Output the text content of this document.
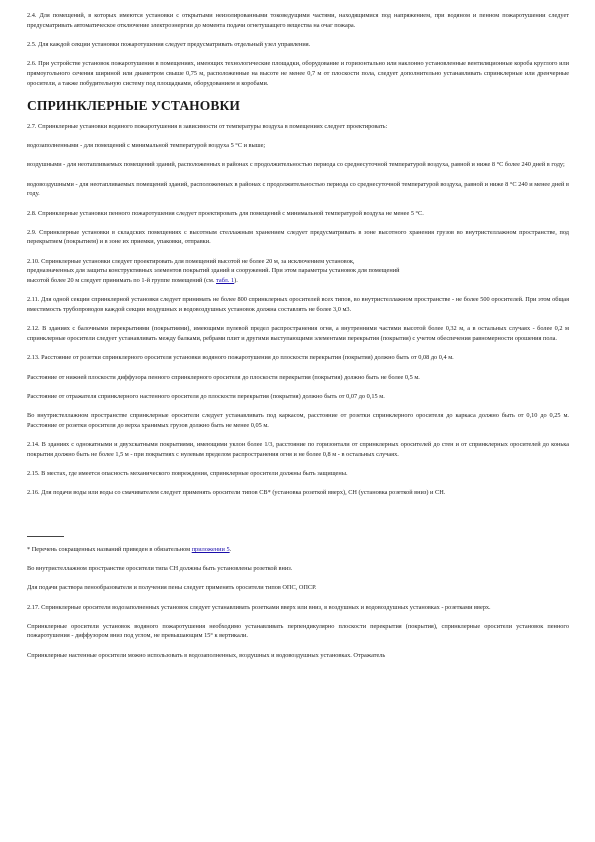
2.4. Для помещений, в которых имеются установки с открытыми неизолированными токоведущими частями, находящимися под напряжением, при водяном и пенном пожаротушении следует предусматривать автоматическое отключение электроэнергии до момента подачи огнетушащего вещества на очаг пожара.

2.5. Для каждой секции установки пожаротушения следует предусматривать отдельный узел управления.

2.6. При устройстве установок пожаротушения в помещениях, имеющих технологические площадки, оборудование и горизонтально или наклонно установленные вентиляционные короба круглого или прямоугольного сечения шириной или диаметром свыше 0,75 м, расположенные на высоте не менее 0,7 м от плоскости пола, следует дополнительно устанавливать спринклерные или дренчерные оросители, а также побудительную систему под площадками, оборудованием и коробами.

СПРИНКЛЕРНЫЕ УСТАНОВКИ

2.7. Спринклерные установки водяного пожаротушения в зависимости от температуры воздуха в помещениях следует проектировать:

водозаполненными - для помещений с минимальной температурой воздуха 5 °С и выше;

воздушными - для неотапливаемых помещений зданий, расположенных в районах с продолжительностью периода со среднесуточной температурой воздуха, равной и ниже 8 °С более 240 дней в году;

водовоздушными - для неотапливаемых помещений зданий, расположенных в районах с продолжительностью периода со среднесуточной температурой воздуха, равной и ниже 8 °С 240 и менее дней в году.

2.8. Спринклерные установки пенного пожаротушения следует проектировать для помещений с минимальной температурой воздуха не менее 5 °С.

2.9. Спринклерные установки в складских помещениях с высотным стеллажным хранением следует предусматривать в зоне высотного хранения грузов во внутристеллажном пространстве, под перекрытием (покрытием) и в зоне их приемки, упаковки, отправки.

2.10. Спринклерные установки следует проектировать для помещений высотой не более 20 м, за исключением установок,
предназначенных для защиты конструктивных элементов покрытий зданий и сооружений. При этом параметры установок для помещений
высотой более 20 м следует принимать по 1-й группе помещений (см. табл. 1).

2.11. Для одной секции спринклерной установки следует принимать не более 800 спринклерных оросителей всех типов, во внутристеллажном пространстве - не более 500 оросителей. При этом общая вместимость трубопроводов каждой секции воздушных и водовоздушных установок должна составлять не более 3,0 м3.

2.12. В зданиях с балочными перекрытиями (покрытиями), имеющими пулевой предел распространения огня, а внутренними частями высотой более 0,32 м, а в остальных случаях - более 0,2 м спринклерные оросители следует устанавливать между балками, ребрами плит и другими выступающими элементами перекрытия (покрытия) с учетом обеспечения равномерности орошения пола.

2.13. Расстояние от розетки спринклерного оросителя установки водяного пожаротушения до плоскости перекрытия (покрытия) должно быть от 0,08 до 0,4 м.

Расстояние от нижней плоскости диффузора пенного спринклерного оросителя до плоскости перекрытия (покрытия) должно быть не более 0,5 м.

Расстояние от отражателя спринклерного настенного оросителя до плоскости перекрытия (покрытия) должно быть от 0,07 до 0,15 м.

Во внутристеллажном пространстве спринклерные оросители следует устанавливать под каркасом, расстояние от розетки спринклерного оросителя до каркаса должно быть от 0,10 до 0,25 м. Расстояние от розетки оросителя до верха хранимых грузов должно быть не менее 0,05 м.

2.14. В зданиях с однокатными и двухскатными покрытиями, имеющими уклон более 1/3, расстояние по горизонтали от спринклерных оросителей до стен и от спринклерных оросителей до конька покрытия должно быть не более 1,5 м - при покрытиях с нулевым пределом распространения огня и не более 0,8 м - в остальных случаях.

2.15. В местах, где имеется опасность механического повреждения, спринклерные оросители должны быть защищены.

2.16. Для подачи воды или воды со смачивателем следует применять оросители типов СВ* (установка розеткой вверх), СН (установка розеткой вниз) и СН.

* Перечень сокращенных названий приведен в обязательном приложении 5.

Во внутристеллажном пространстве оросители типа СН должны быть установлены розеткой вниз.

Для подачи раствора пенообразователя и получения пены следует применять оросители типов ОПС, ОПСР.

2.17. Спринклерные оросители водозаполненных установок следует устанавливать розетками вверх или вниз, в воздушных и водовоздушных установках - розетками вверх.

Спринклерные оросители установок водяного пожаротушения необходимо устанавливать перпендикулярно плоскости перекрытия (покрытия), спринклерные оросители установок пенного пожаротушения - диффузором вниз под углом, не превышающим 15° к вертикали.

Спринклерные настенные оросители можно использовать в водозаполненных, воздушных и водовоздушных установках. Отражатель
